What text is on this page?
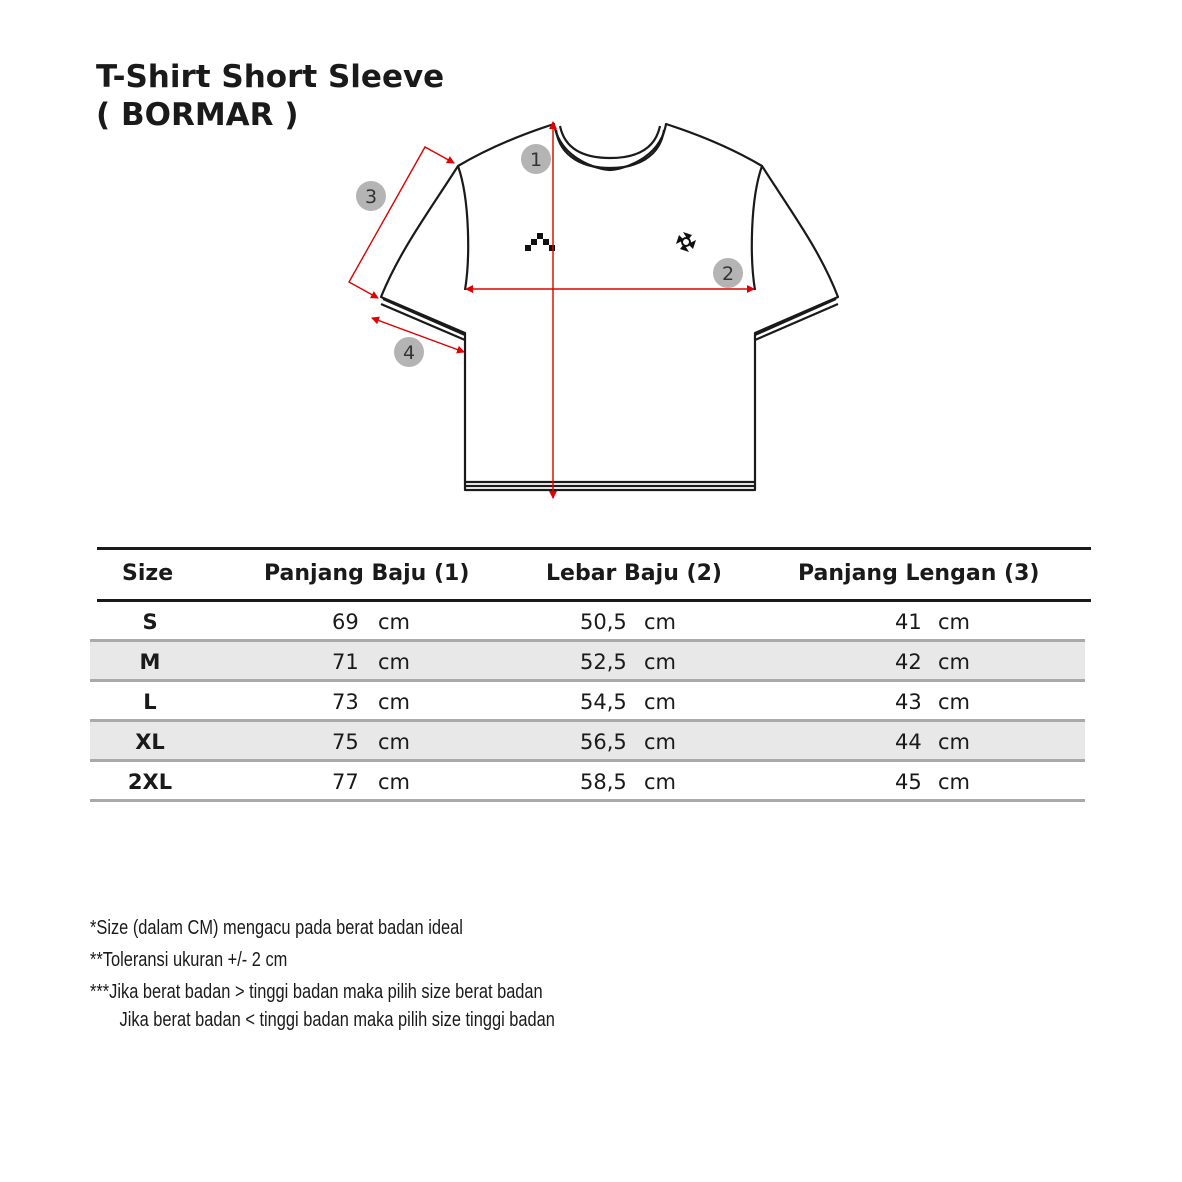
T-Shirt Short Sleeve
( BORMAR )
1
2
3
4
Size	Panjang Baju (1)	Lebar Baju (2)	Panjang Lengan (3)
S	69 cm	50,5 cm	41 cm
M	71 cm	52,5 cm	42 cm
L	73 cm	54,5 cm	43 cm
XL	75 cm	56,5 cm	44 cm
2XL	77 cm	58,5 cm	45 cm
*Size (dalam CM) mengacu pada berat badan ideal
**Toleransi ukuran +/- 2 cm
***Jika berat badan > tinggi badan maka pilih size berat badan
Jika berat badan < tinggi badan maka pilih size tinggi badan
